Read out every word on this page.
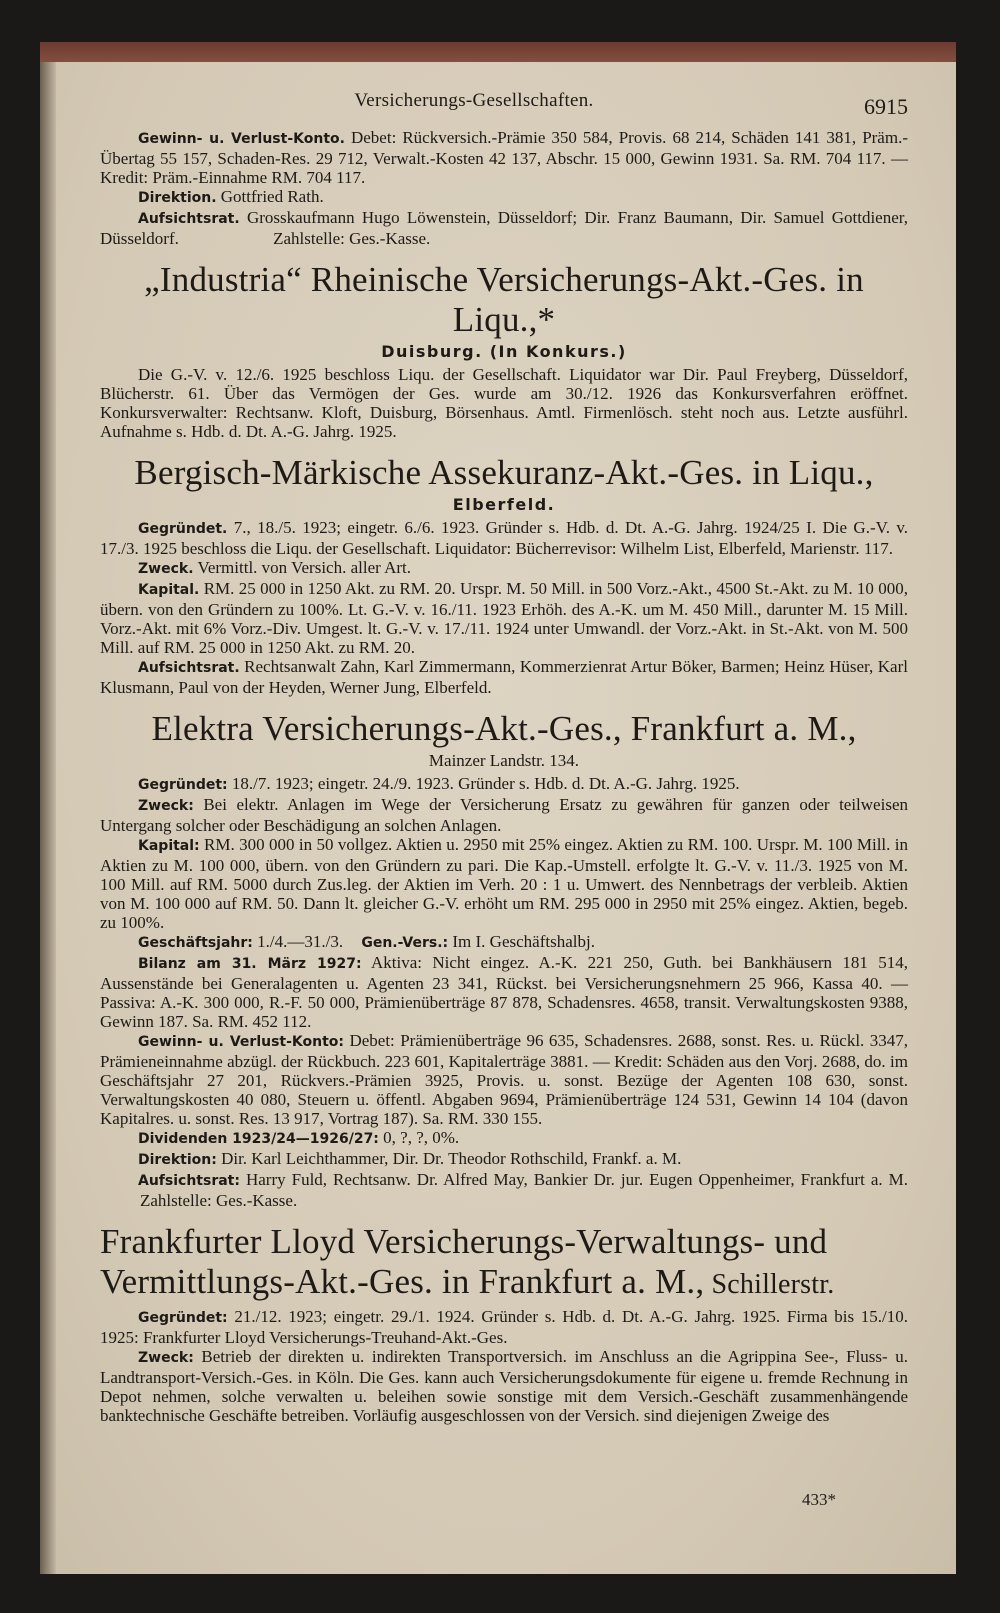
Versicherungs-Gesellschaften.	6915

Gewinn- u. Verlust-Konto. Debet: Rückversich.-Prämie 350 584, Provis. 68 214, Schäden 141 381, Präm.-Übertag 55 157, Schaden-Res. 29 712, Verwalt.-Kosten 42 137, Abschr. 15 000, Gewinn 1931. Sa. RM. 704 117. — Kredit: Präm.-Einnahme RM. 704 117.

Direktion. Gottfried Rath.

Aufsichtsrat. Grosskaufmann Hugo Löwenstein, Düsseldorf; Dir. Franz Baumann, Dir. Samuel Gottdiener, Düsseldorf.	Zahlstelle: Ges.-Kasse.

„Industria“ Rheinische Versicherungs-Akt.-Ges. in Liqu.,*
Duisburg. (In Konkurs.)

Die G.-V. v. 12./6. 1925 beschloss Liqu. der Gesellschaft. Liquidator war Dir. Paul Freyberg, Düsseldorf, Blücherstr. 61. Über das Vermögen der Ges. wurde am 30./12. 1926 das Konkursverfahren eröffnet. Konkursverwalter: Rechtsanw. Kloft, Duisburg, Börsenhaus. Amtl. Firmenlösch. steht noch aus. Letzte ausführl. Aufnahme s. Hdb. d. Dt. A.-G. Jahrg. 1925.

Bergisch-Märkische Assekuranz-Akt.-Ges. in Liqu.,
Elberfeld.

Gegründet. 7., 18./5. 1923; eingetr. 6./6. 1923. Gründer s. Hdb. d. Dt. A.-G. Jahrg. 1924/25 I. Die G.-V. v. 17./3. 1925 beschloss die Liqu. der Gesellschaft. Liquidator: Bücherrevisor: Wilhelm List, Elberfeld, Marienstr. 117.

Zweck. Vermittl. von Versich. aller Art.

Kapital. RM. 25 000 in 1250 Akt. zu RM. 20. Urspr. M. 50 Mill. in 500 Vorz.-Akt., 4500 St.-Akt. zu M. 10 000, übern. von den Gründern zu 100%. Lt. G.-V. v. 16./11. 1923 Erhöh. des A.-K. um M. 450 Mill., darunter M. 15 Mill. Vorz.-Akt. mit 6% Vorz.-Div. Umgest. lt. G.-V. v. 17./11. 1924 unter Umwandl. der Vorz.-Akt. in St.-Akt. von M. 500 Mill. auf RM. 25 000 in 1250 Akt. zu RM. 20.

Aufsichtsrat. Rechtsanwalt Zahn, Karl Zimmermann, Kommerzienrat Artur Böker, Barmen; Heinz Hüser, Karl Klusmann, Paul von der Heyden, Werner Jung, Elberfeld.

Elektra Versicherungs-Akt.-Ges., Frankfurt a. M.,
Mainzer Landstr. 134.

Gegründet: 18./7. 1923; eingetr. 24./9. 1923. Gründer s. Hdb. d. Dt. A.-G. Jahrg. 1925.

Zweck: Bei elektr. Anlagen im Wege der Versicherung Ersatz zu gewähren für ganzen oder teilweisen Untergang solcher oder Beschädigung an solchen Anlagen.

Kapital: RM. 300 000 in 50 vollgez. Aktien u. 2950 mit 25% eingez. Aktien zu RM. 100. Urspr. M. 100 Mill. in Aktien zu M. 100 000, übern. von den Gründern zu pari. Die Kap.-Umstell. erfolgte lt. G.-V. v. 11./3. 1925 von M. 100 Mill. auf RM. 5000 durch Zus.leg. der Aktien im Verh. 20 : 1 u. Umwert. des Nennbetrags der verbleib. Aktien von M. 100 000 auf RM. 50. Dann lt. gleicher G.-V. erhöht um RM. 295 000 in 2950 mit 25% eingez. Aktien, begeb. zu 100%.

Geschäftsjahr: 1./4.—31./3. Gen.-Vers.: Im I. Geschäftshalbj.

Bilanz am 31. März 1927: Aktiva: Nicht eingez. A.-K. 221 250, Guth. bei Bankhäusern 181 514, Aussenstände bei Generalagenten u. Agenten 23 341, Rückst. bei Versicherungsnehmern 25 966, Kassa 40. — Passiva: A.-K. 300 000, R.-F. 50 000, Prämienüberträge 87 878, Schadensres. 4658, transit. Verwaltungskosten 9388, Gewinn 187. Sa. RM. 452 112.

Gewinn- u. Verlust-Konto: Debet: Prämienüberträge 96 635, Schadensres. 2688, sonst. Res. u. Rückl. 3347, Prämieneinnahme abzügl. der Rückbuch. 223 601, Kapitalerträge 3881. — Kredit: Schäden aus den Vorj. 2688, do. im Geschäftsjahr 27 201, Rückvers.-Prämien 3925, Provis. u. sonst. Bezüge der Agenten 108 630, sonst. Verwaltungskosten 40 080, Steuern u. öffentl. Abgaben 9694, Prämienüberträge 124 531, Gewinn 14 104 (davon Kapitalres. u. sonst. Res. 13 917, Vortrag 187). Sa. RM. 330 155.

Dividenden 1923/24—1926/27: 0, ?, ?, 0%.

Direktion: Dir. Karl Leichthammer, Dir. Dr. Theodor Rothschild, Frankf. a. M.

Aufsichtsrat: Harry Fuld, Rechtsanw. Dr. Alfred May, Bankier Dr. jur. Eugen Oppenheimer, Frankfurt a. M. Zahlstelle: Ges.-Kasse.

Frankfurter Lloyd Versicherungs-Verwaltungs- und Vermittlungs-Akt.-Ges. in Frankfurt a. M., Schillerstr.

Gegründet: 21./12. 1923; eingetr. 29./1. 1924. Gründer s. Hdb. d. Dt. A.-G. Jahrg. 1925. Firma bis 15./10. 1925: Frankfurter Lloyd Versicherungs-Treuhand-Akt.-Ges.

Zweck: Betrieb der direkten u. indirekten Transportversich. im Anschluss an die Agrippina See-, Fluss- u. Landtransport-Versich.-Ges. in Köln. Die Ges. kann auch Versicherungsdokumente für eigene u. fremde Rechnung in Depot nehmen, solche verwalten u. beleihen sowie sonstige mit dem Versich.-Geschäft zusammenhängende banktechnische Geschäfte betreiben. Vorläufig ausgeschlossen von der Versich. sind diejenigen Zweige des

433*
